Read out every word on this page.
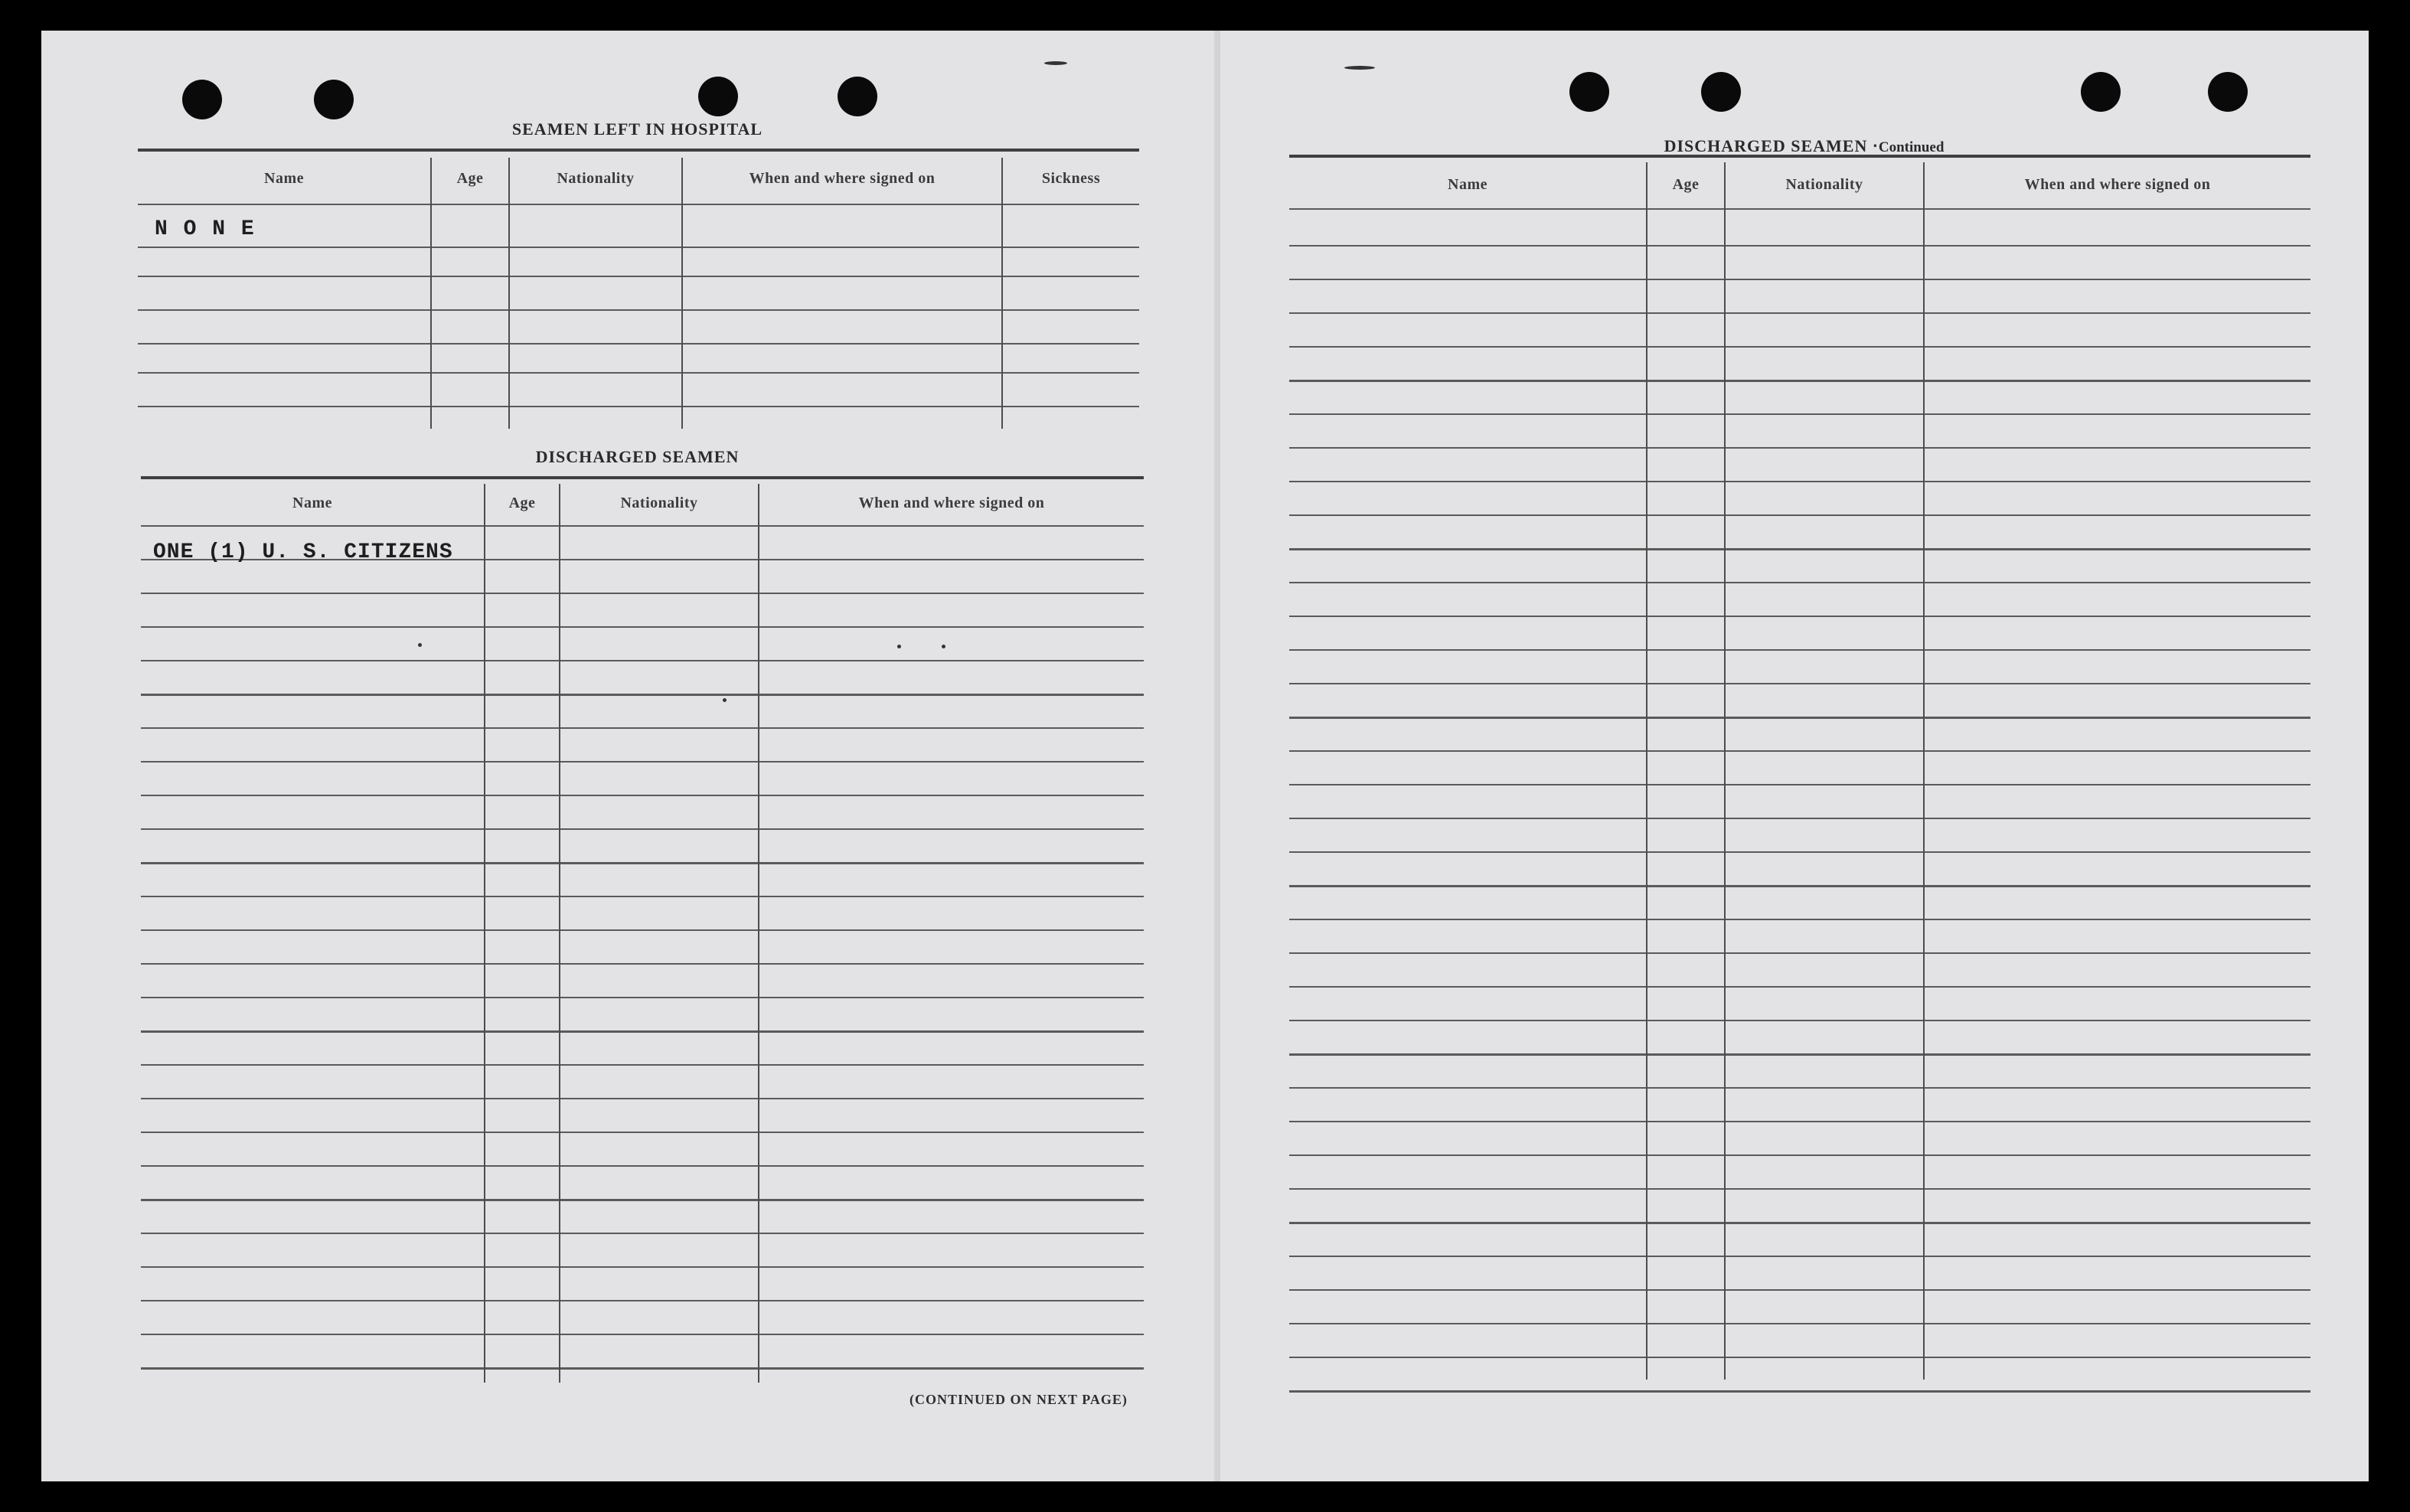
SEAMEN LEFT IN HOSPITAL
Name	Age	Nationality	When and where signed on	Sickness
N O N E
DISCHARGED SEAMEN
Name	Age	Nationality	When and where signed on
ONE (1) U. S. CITIZENS
(CONTINUED ON NEXT PAGE)

DISCHARGED SEAMEN ⋅Continued

Name	Age	Nationality	When and where signed on
